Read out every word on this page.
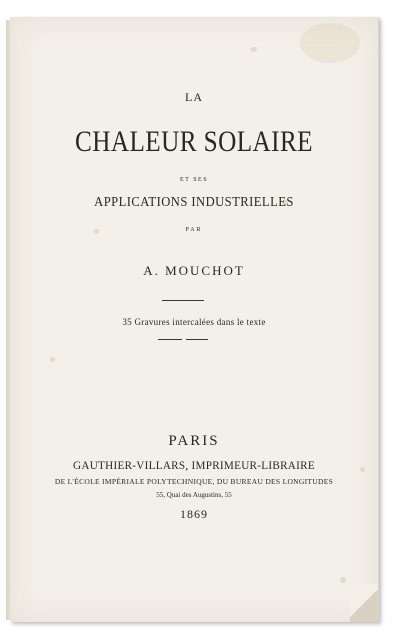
LA
CHALEUR SOLAIRE
ET SES
APPLICATIONS INDUSTRIELLES
PAR
A. MOUCHOT
35 Gravures intercalées dans le texte
PARIS
GAUTHIER-VILLARS, IMPRIMEUR-LIBRAIRE
DE L'ÉCOLE IMPÉRIALE POLYTECHNIQUE, DU BUREAU DES LONGITUDES
55, Quai des Augustins, 55
1869
